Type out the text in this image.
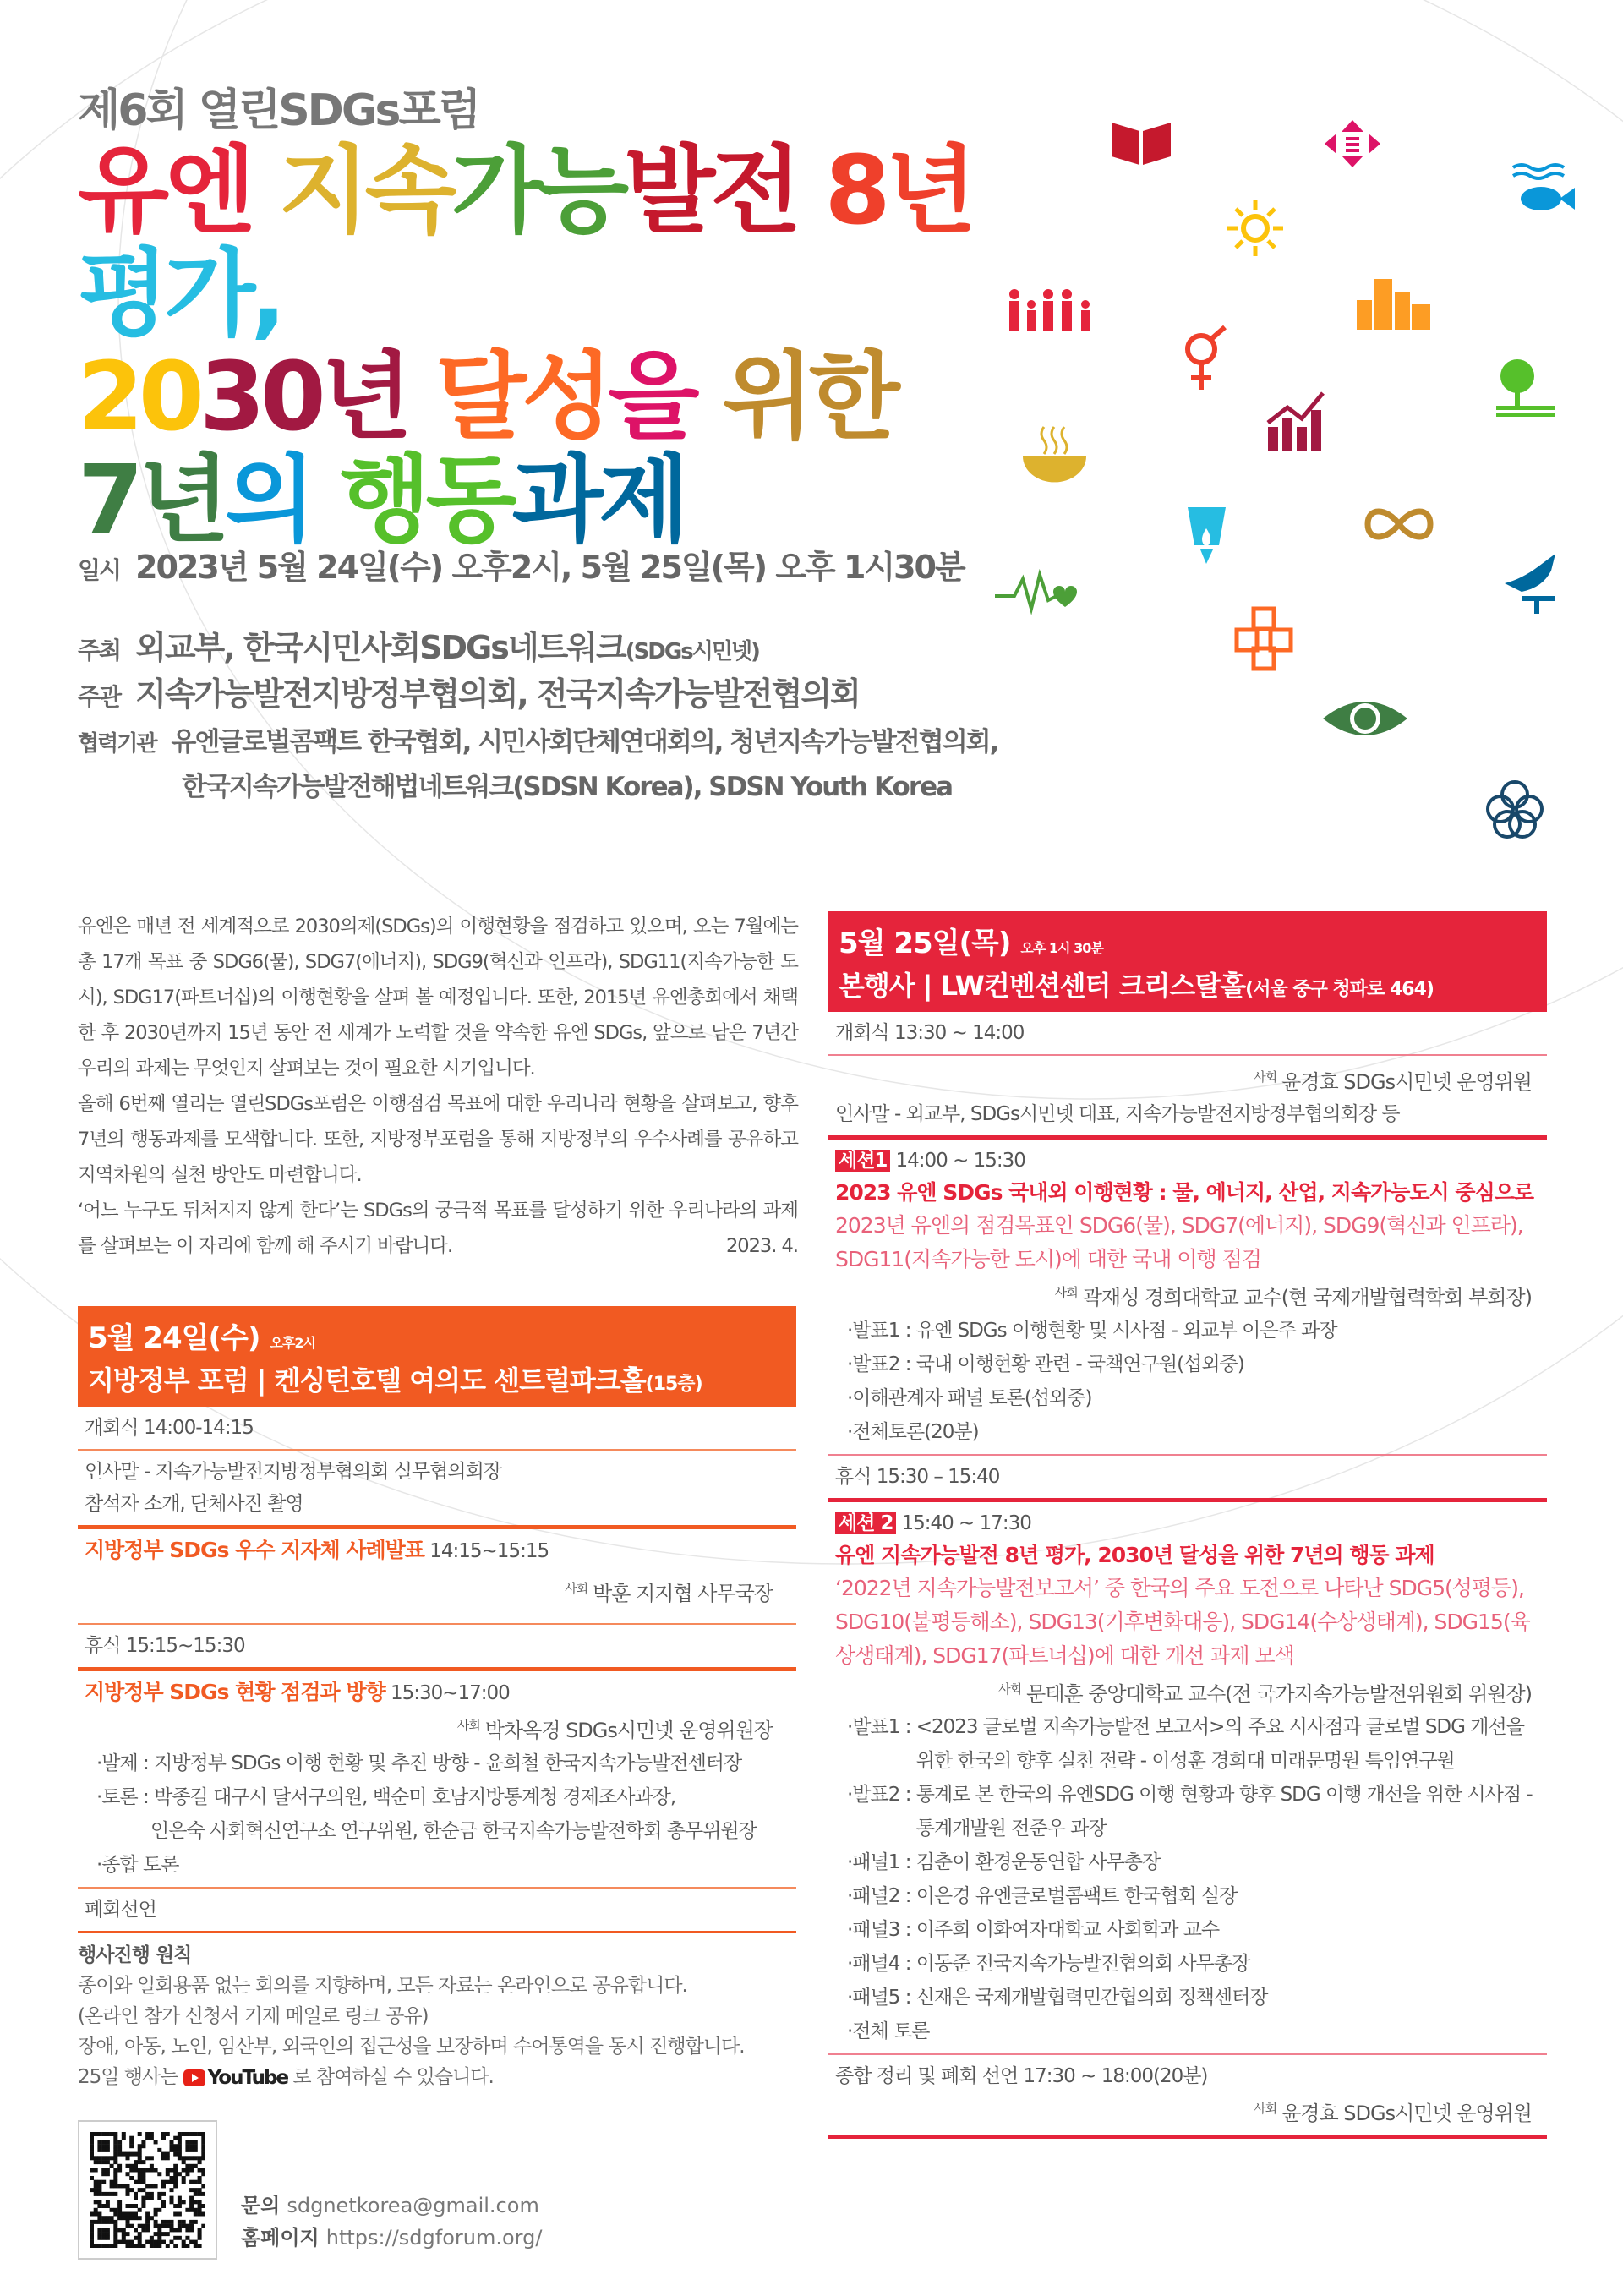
제6회 열린SDGs포럼
유엔 지속가능발전 8년 평가,
2030년 달성을 위한
7년의 행동과제
일시 2023년 5월 24일(수) 오후2시, 5월 25일(목) 오후 1시30분
주최 외교부, 한국시민사회SDGs네트워크(SDGs시민넷)
주관 지속가능발전지방정부협의회, 전국지속가능발전협의회
협력기관 유엔글로벌콤팩트 한국협회, 시민사회단체연대회의, 청년지속가능발전협의회,
한국지속가능발전해법네트워크(SDSN Korea), SDSN Youth Korea

유엔은 매년 전 세계적으로 2030의제(SDGs)의 이행현황을 점검하고 있으며, 오는 7월에는 총 17개 목표 중 SDG6(물), SDG7(에너지), SDG9(혁신과 인프라), SDG11(지속가능한 도시), SDG17(파트너십)의 이행현황을 살펴 볼 예정입니다. 또한, 2015년 유엔총회에서 채택한 후 2030년까지 15년 동안 전 세계가 노력할 것을 약속한 유엔 SDGs, 앞으로 남은 7년간 우리의 과제는 무엇인지 살펴보는 것이 필요한 시기입니다.

올해 6번째 열리는 열린SDGs포럼은 이행점검 목표에 대한 우리나라 현황을 살펴보고, 향후 7년의 행동과제를 모색합니다. 또한, 지방정부포럼을 통해 지방정부의 우수사례를 공유하고 지역차원의 실천 방안도 마련합니다.

‘어느 누구도 뒤처지지 않게 한다’는 SDGs의 궁극적 목표를 달성하기 위한 우리나라의 과제를 살펴보는 이 자리에 함께 해 주시기 바랍니다.	2023. 4.

5월 24일(수) 오후2시
지방정부 포럼 | 켄싱턴호텔 여의도 센트럴파크홀(15층)
개회식 14:00-14:15
인사말 - 지속가능발전지방정부협의회 실무협의회장
참석자 소개, 단체사진 촬영
지방정부 SDGs 우수 지자체 사례발표 14:15~15:15
$^{사회}$ 박훈 지지협 사무국장
휴식 15:15~15:30
지방정부 SDGs 현황 점검과 방향 15:30~17:00
$^{사회}$ 박차옥경 SDGs시민넷 운영위원장
·발제 : 지방정부 SDGs 이행 현황 및 추진 방향 - 윤희철 한국지속가능발전센터장
·토론 : 박종길 대구시 달서구의원, 백순미 호남지방통계청 경제조사과장,
인은숙 사회혁신연구소 연구위원, 한순금 한국지속가능발전학회 총무위원장
·종합 토론
폐회선언
5월 25일(목) 오후 1시 30분
본행사 | LW컨벤션센터 크리스탈홀(서울 중구 청파로 464)
개회식 13:30 ~ 14:00
$^{사회}$ 윤경효 SDGs시민넷 운영위원
인사말 - 외교부, SDGs시민넷 대표, 지속가능발전지방정부협의회장 등
세션1 14:00 ~ 15:30
2023 유엔 SDGs 국내외 이행현황 : 물, 에너지, 산업, 지속가능도시 중심으로
2023년 유엔의 점검목표인 SDG6(물), SDG7(에너지), SDG9(혁신과 인프라), SDG11(지속가능한 도시)에 대한 국내 이행 점검
$^{사회}$ 곽재성 경희대학교 교수(현 국제개발협력학회 부회장)
·발표1 : 유엔 SDGs 이행현황 및 시사점 - 외교부 이은주 과장
·발표2 : 국내 이행현황 관련 - 국책연구원(섭외중)
·이해관계자 패널 토론(섭외중)
·전체토론(20분)
휴식 15:30 – 15:40
세션 2 15:40 ~ 17:30
유엔 지속가능발전 8년 평가, 2030년 달성을 위한 7년의 행동 과제
‘2022년 지속가능발전보고서’ 중 한국의 주요 도전으로 나타난 SDG5(성평등), SDG10(불평등해소), SDG13(기후변화대응), SDG14(수상생태계), SDG15(육상생태계), SDG17(파트너십)에 대한 개선 과제 모색
$^{사회}$ 문태훈 중앙대학교 교수(전 국가지속가능발전위원회 위원장)
·발표1 : <2023 글로벌 지속가능발전 보고서>의 주요 시사점과 글로벌 SDG 개선을 위한 한국의 향후 실천 전략 - 이성훈 경희대 미래문명원 특임연구원
·발표2 : 통계로 본 한국의 유엔SDG 이행 현황과 향후 SDG 이행 개선을 위한 시사점 - 통계개발원 전준우 과장
·패널1 : 김춘이 환경운동연합 사무총장
·패널2 : 이은경 유엔글로벌콤팩트 한국협회 실장
·패널3 : 이주희 이화여자대학교 사회학과 교수
·패널4 : 이동준 전국지속가능발전협의회 사무총장
·패널5 : 신재은 국제개발협력민간협의회 정책센터장
·전체 토론
종합 정리 및 폐회 선언 17:30 ~ 18:00(20분)
$^{사회}$ 윤경효 SDGs시민넷 운영위원
행사진행 원칙
종이와 일회용품 없는 회의를 지향하며, 모든 자료는 온라인으로 공유합니다.
(온라인 참가 신청서 기재 메일로 링크 공유)
장애, 아동, 노인, 임산부, 외국인의 접근성을 보장하며 수어통역을 동시 진행합니다.
25일 행사는 YouTube 로 참여하실 수 있습니다.
문의 sdgnetkorea@gmail.com
홈페이지 https://sdgforum.org/
